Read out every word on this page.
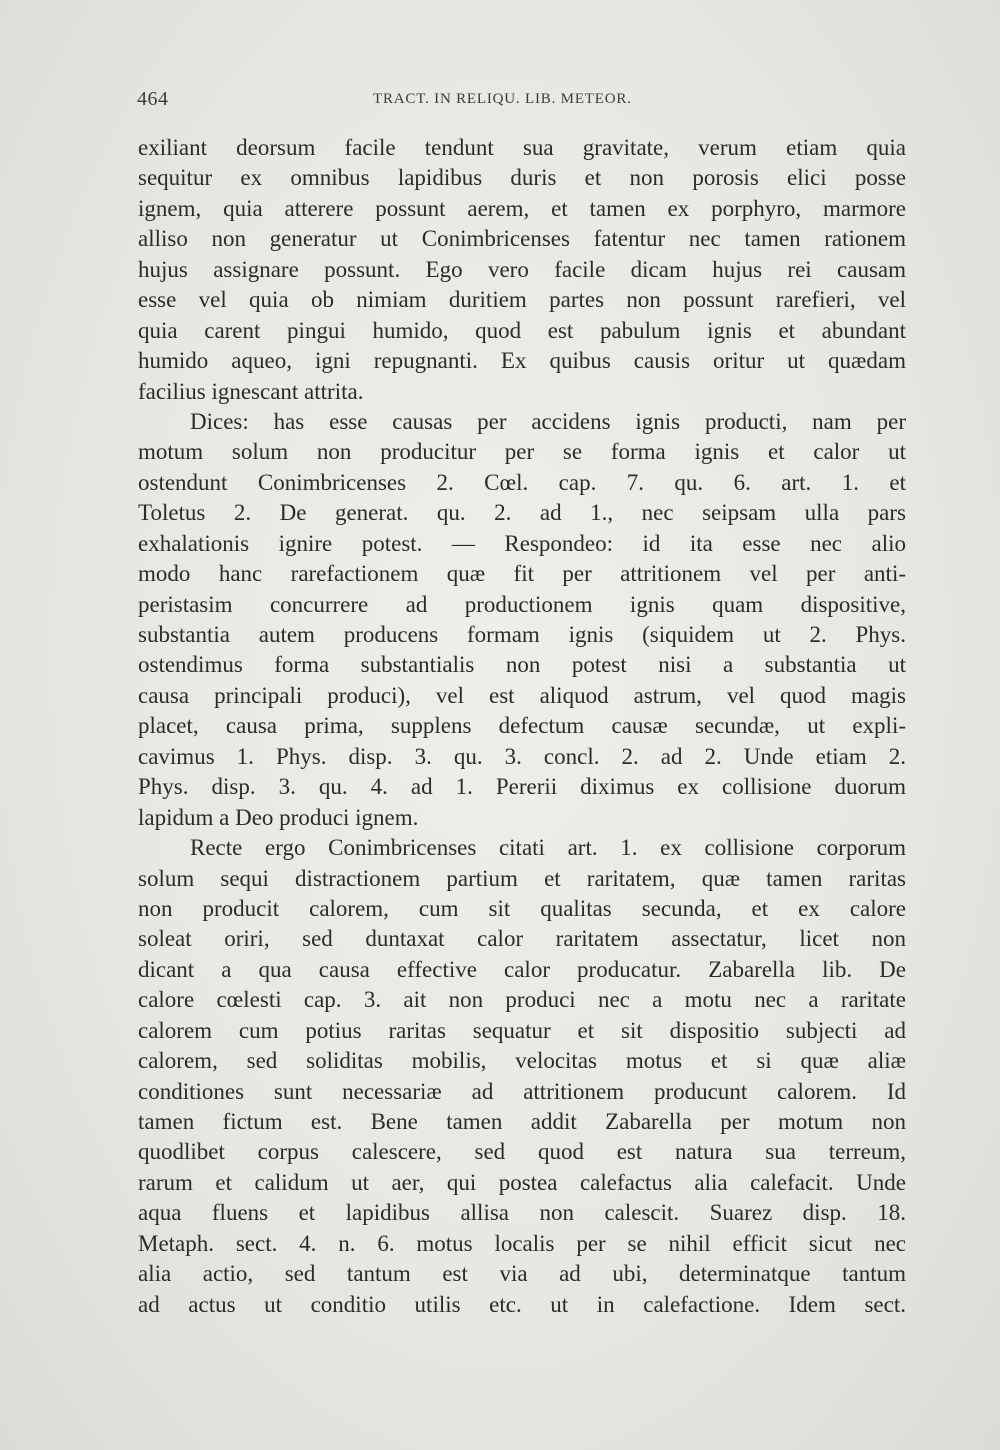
464	TRACT. IN RELIQU. LIB. METEOR.
exiliant deorsum facile tendunt sua gravitate, verum etiam quia
sequitur ex omnibus lapidibus duris et non porosis elici posse
ignem, quia atterere possunt aerem, et tamen ex porphyro, marmore
alliso non generatur ut Conimbricenses fatentur nec tamen rationem
hujus assignare possunt. Ego vero facile dicam hujus rei causam
esse vel quia ob nimiam duritiem partes non possunt rarefieri, vel
quia carent pingui humido, quod est pabulum ignis et abundant
humido aqueo, igni repugnanti. Ex quibus causis oritur ut quædam
facilius ignescant attrita.
Dices: has esse causas per accidens ignis producti, nam per
motum solum non producitur per se forma ignis et calor ut
ostendunt Conimbricenses 2. Cœl. cap. 7. qu. 6. art. 1. et
Toletus 2. De generat. qu. 2. ad 1., nec seipsam ulla pars
exhalationis ignire potest. — Respondeo: id ita esse nec alio
modo hanc rarefactionem quæ fit per attritionem vel per anti-
peristasim concurrere ad productionem ignis quam dispositive,
substantia autem producens formam ignis (siquidem ut 2. Phys.
ostendimus forma substantialis non potest nisi a substantia ut
causa principali produci), vel est aliquod astrum, vel quod magis
placet, causa prima, supplens defectum causæ secundæ, ut expli-
cavimus 1. Phys. disp. 3. qu. 3. concl. 2. ad 2. Unde etiam 2.
Phys. disp. 3. qu. 4. ad 1. Pererii diximus ex collisione duorum
lapidum a Deo produci ignem.
Recte ergo Conimbricenses citati art. 1. ex collisione corporum
solum sequi distractionem partium et raritatem, quæ tamen raritas
non producit calorem, cum sit qualitas secunda, et ex calore
soleat oriri, sed duntaxat calor raritatem assectatur, licet non
dicant a qua causa effective calor producatur. Zabarella lib. De
calore cœlesti cap. 3. ait non produci nec a motu nec a raritate
calorem cum potius raritas sequatur et sit dispositio subjecti ad
calorem, sed soliditas mobilis, velocitas motus et si quæ aliæ
conditiones sunt necessariæ ad attritionem producunt calorem. Id
tamen fictum est. Bene tamen addit Zabarella per motum non
quodlibet corpus calescere, sed quod est natura sua terreum,
rarum et calidum ut aer, qui postea calefactus alia calefacit. Unde
aqua fluens et lapidibus allisa non calescit. Suarez disp. 18.
Metaph. sect. 4. n. 6. motus localis per se nihil efficit sicut nec
alia actio, sed tantum est via ad ubi, determinatque tantum
ad actus ut conditio utilis etc. ut in calefactione. Idem sect.
